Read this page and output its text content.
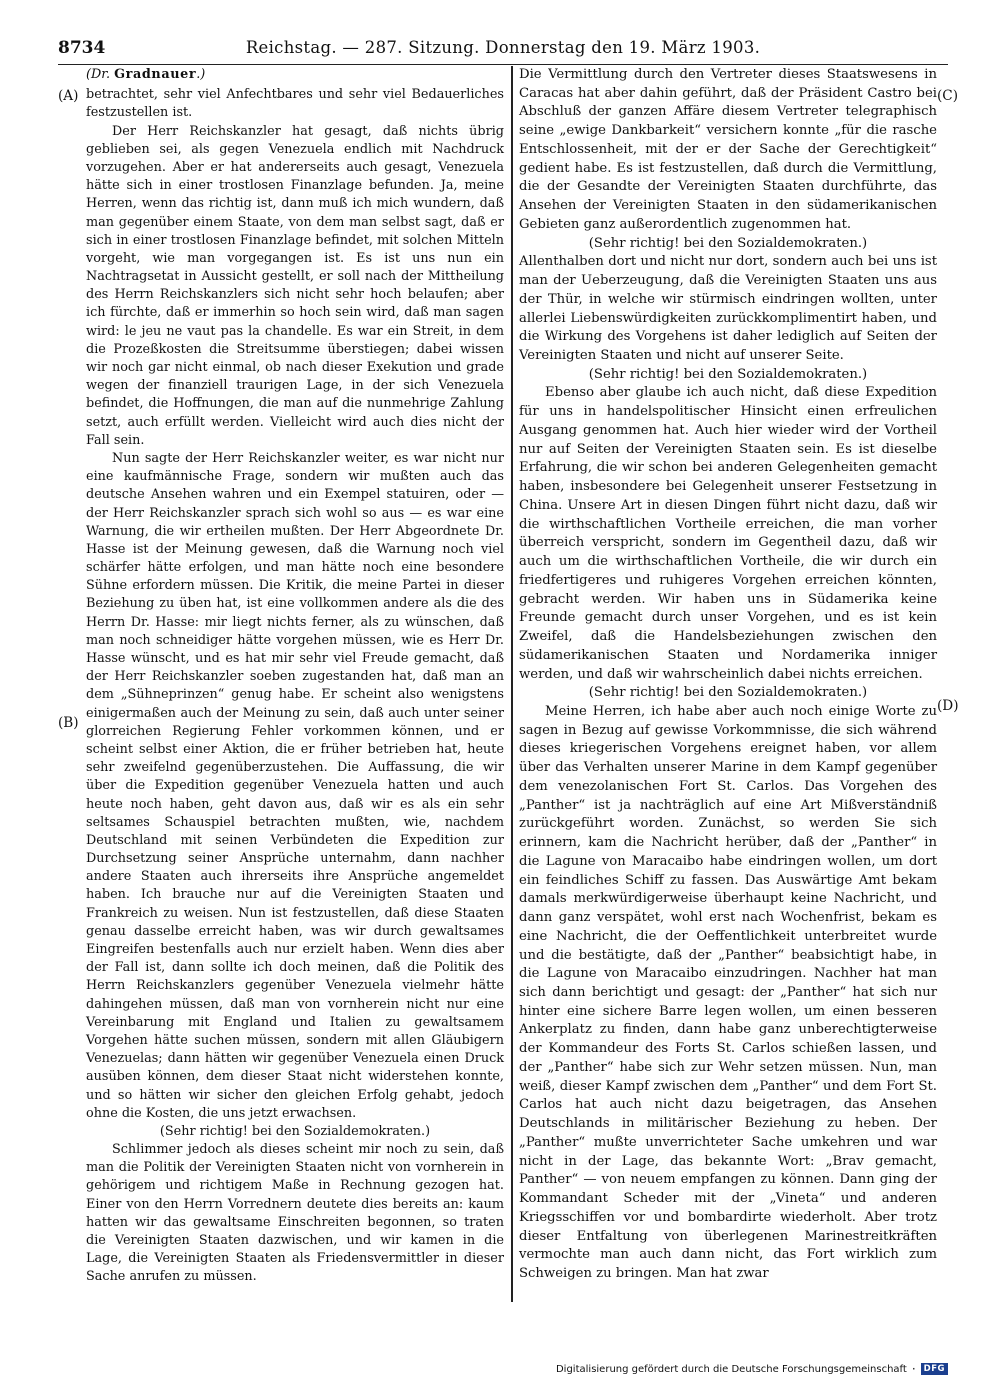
8734	Reichstag. — 287. Sitzung. Donnerstag den 19. März 1903.
(A)
(B)
(C)
(D)
(Dr. Gradnauer.)

betrachtet, sehr viel Anfechtbares und sehr viel Bedauerliches festzustellen ist.

Der Herr Reichskanzler hat gesagt, daß nichts übrig geblieben sei, als gegen Venezuela endlich mit Nachdruck vorzugehen. Aber er hat andererseits auch gesagt, Venezuela hätte sich in einer trostlosen Finanzlage befunden. Ja, meine Herren, wenn das richtig ist, dann muß ich mich wundern, daß man gegenüber einem Staate, von dem man selbst sagt, daß er sich in einer trostlosen Finanzlage befindet, mit solchen Mitteln vorgeht, wie man vorgegangen ist. Es ist uns nun ein Nachtragsetat in Aussicht gestellt, er soll nach der Mittheilung des Herrn Reichskanzlers sich nicht sehr hoch belaufen; aber ich fürchte, daß er immerhin so hoch sein wird, daß man sagen wird: le jeu ne vaut pas la chandelle. Es war ein Streit, in dem die Prozeßkosten die Streitsumme überstiegen; dabei wissen wir noch gar nicht einmal, ob nach dieser Exekution und grade wegen der finanziell traurigen Lage, in der sich Venezuela befindet, die Hoffnungen, die man auf die nunmehrige Zahlung setzt, auch erfüllt werden. Vielleicht wird auch dies nicht der Fall sein.

Nun sagte der Herr Reichskanzler weiter, es war nicht nur eine kaufmännische Frage, sondern wir mußten auch das deutsche Ansehen wahren und ein Exempel statuiren, oder — der Herr Reichskanzler sprach sich wohl so aus — es war eine Warnung, die wir ertheilen mußten. Der Herr Abgeordnete Dr. Hasse ist der Meinung gewesen, daß die Warnung noch viel schärfer hätte erfolgen, und man hätte noch eine besondere Sühne erfordern müssen. Die Kritik, die meine Partei in dieser Beziehung zu üben hat, ist eine vollkommen andere als die des Herrn Dr. Hasse: mir liegt nichts ferner, als zu wünschen, daß man noch schneidiger hätte vorgehen müssen, wie es Herr Dr. Hasse wünscht, und es hat mir sehr viel Freude gemacht, daß der Herr Reichskanzler soeben zugestanden hat, daß man an dem „Sühneprinzen“ genug habe. Er scheint also wenigstens einigermaßen auch der Meinung zu sein, daß auch unter seiner glorreichen Regierung Fehler vorkommen können, und er scheint selbst einer Aktion, die er früher betrieben hat, heute sehr zweifelnd gegenüberzustehen. Die Auffassung, die wir über die Expedition gegenüber Venezuela hatten und auch heute noch haben, geht davon aus, daß wir es als ein sehr seltsames Schauspiel betrachten mußten, wie, nachdem Deutschland mit seinen Verbündeten die Expedition zur Durchsetzung seiner Ansprüche unternahm, dann nachher andere Staaten auch ihrerseits ihre Ansprüche angemeldet haben. Ich brauche nur auf die Vereinigten Staaten und Frankreich zu weisen. Nun ist festzustellen, daß diese Staaten genau dasselbe erreicht haben, was wir durch gewaltsames Eingreifen bestenfalls auch nur erzielt haben. Wenn dies aber der Fall ist, dann sollte ich doch meinen, daß die Politik des Herrn Reichskanzlers gegenüber Venezuela vielmehr hätte dahingehen müssen, daß man von vornherein nicht nur eine Vereinbarung mit England und Italien zu gewaltsamem Vorgehen hätte suchen müssen, sondern mit allen Gläubigern Venezuelas; dann hätten wir gegenüber Venezuela einen Druck ausüben können, dem dieser Staat nicht widerstehen konnte, und so hätten wir sicher den gleichen Erfolg gehabt, jedoch ohne die Kosten, die uns jetzt erwachsen.

(Sehr richtig! bei den Sozialdemokraten.)

Schlimmer jedoch als dieses scheint mir noch zu sein, daß man die Politik der Vereinigten Staaten nicht von vornherein in gehörigem und richtigem Maße in Rechnung gezogen hat. Einer von den Herrn Vorrednern deutete dies bereits an: kaum hatten wir das gewaltsame Einschreiten begonnen, so traten die Vereinigten Staaten dazwischen, und wir kamen in die Lage, die Vereinigten Staaten als Friedensvermittler in dieser Sache anrufen zu müssen.

Die Vermittlung durch den Vertreter dieses Staatswesens in Caracas hat aber dahin geführt, daß der Präsident Castro bei Abschluß der ganzen Affäre diesem Vertreter telegraphisch seine „ewige Dankbarkeit“ versichern konnte „für die rasche Entschlossenheit, mit der er der Sache der Gerechtigkeit“ gedient habe. Es ist festzustellen, daß durch die Vermittlung, die der Gesandte der Vereinigten Staaten durchführte, das Ansehen der Vereinigten Staaten in den südamerikanischen Gebieten ganz außerordentlich zugenommen hat.

(Sehr richtig! bei den Sozialdemokraten.)

Allenthalben dort und nicht nur dort, sondern auch bei uns ist man der Ueberzeugung, daß die Vereinigten Staaten uns aus der Thür, in welche wir stürmisch eindringen wollten, unter allerlei Liebenswürdigkeiten zurückkomplimentirt haben, und die Wirkung des Vorgehens ist daher lediglich auf Seiten der Vereinigten Staaten und nicht auf unserer Seite.

(Sehr richtig! bei den Sozialdemokraten.)

Ebenso aber glaube ich auch nicht, daß diese Expedition für uns in handelspolitischer Hinsicht einen erfreulichen Ausgang genommen hat. Auch hier wieder wird der Vortheil nur auf Seiten der Vereinigten Staaten sein. Es ist dieselbe Erfahrung, die wir schon bei anderen Gelegenheiten gemacht haben, insbesondere bei Gelegenheit unserer Festsetzung in China. Unsere Art in diesen Dingen führt nicht dazu, daß wir die wirthschaftlichen Vortheile erreichen, die man vorher überreich verspricht, sondern im Gegentheil dazu, daß wir auch um die wirthschaftlichen Vortheile, die wir durch ein friedfertigeres und ruhigeres Vorgehen erreichen könnten, gebracht werden. Wir haben uns in Südamerika keine Freunde gemacht durch unser Vorgehen, und es ist kein Zweifel, daß die Handelsbeziehungen zwischen den südamerikanischen Staaten und Nordamerika inniger werden, und daß wir wahrscheinlich dabei nichts erreichen.

(Sehr richtig! bei den Sozialdemokraten.)

Meine Herren, ich habe aber auch noch einige Worte zu sagen in Bezug auf gewisse Vorkommnisse, die sich während dieses kriegerischen Vorgehens ereignet haben, vor allem über das Verhalten unserer Marine in dem Kampf gegenüber dem venezolanischen Fort St. Carlos. Das Vorgehen des „Panther“ ist ja nachträglich auf eine Art Mißverständniß zurückgeführt worden. Zunächst, so werden Sie sich erinnern, kam die Nachricht herüber, daß der „Panther“ in die Lagune von Maracaibo habe eindringen wollen, um dort ein feindliches Schiff zu fassen. Das Auswärtige Amt bekam damals merkwürdigerweise überhaupt keine Nachricht, und dann ganz verspätet, wohl erst nach Wochenfrist, bekam es eine Nachricht, die der Oeffentlichkeit unterbreitet wurde und die bestätigte, daß der „Panther“ beabsichtigt habe, in die Lagune von Maracaibo einzudringen. Nachher hat man sich dann berichtigt und gesagt: der „Panther“ hat sich nur hinter eine sichere Barre legen wollen, um einen besseren Ankerplatz zu finden, dann habe ganz unberechtigterweise der Kommandeur des Forts St. Carlos schießen lassen, und der „Panther“ habe sich zur Wehr setzen müssen. Nun, man weiß, dieser Kampf zwischen dem „Panther“ und dem Fort St. Carlos hat auch nicht dazu beigetragen, das Ansehen Deutschlands in militärischer Beziehung zu heben. Der „Panther“ mußte unverrichteter Sache umkehren und war nicht in der Lage, das bekannte Wort: „Brav gemacht, Panther“ — von neuem empfangen zu können. Dann ging der Kommandant Scheder mit der „Vineta“ und anderen Kriegsschiffen vor und bombardirte wiederholt. Aber trotz dieser Entfaltung von überlegenen Marinestreitkräften vermochte man auch dann nicht, das Fort wirklich zum Schweigen zu bringen. Man hat zwar

Digitalisierung gefördert durch die Deutsche Forschungsgemeinschaft · DFG
